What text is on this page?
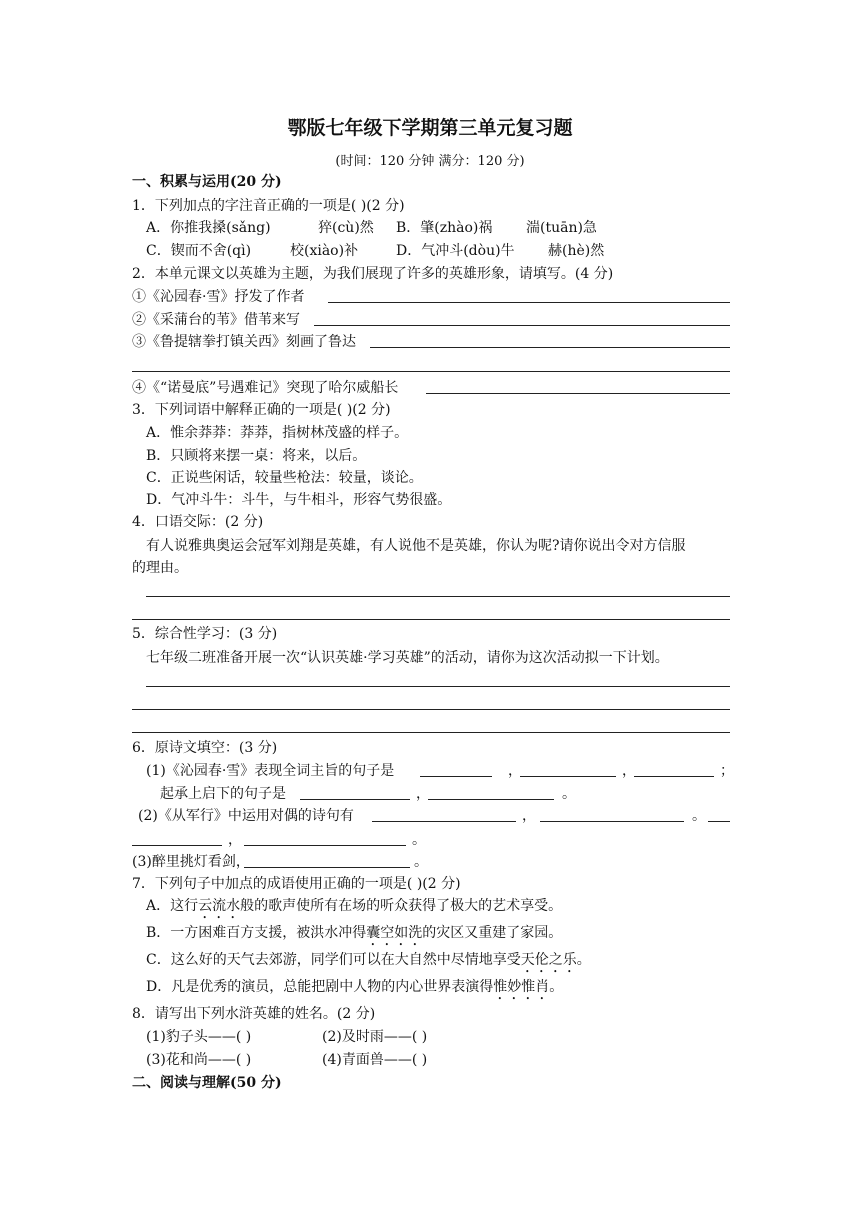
鄂版七年级下学期第三单元复习题
(时间：120 分钟 满分：120 分)
一、积累与运用(20 分)
1．下列加点的字注音正确的一项是( )(2 分)
A．你推我搡(sǎng)	猝(cù)然 B．肇(zhào)祸 湍(tuān)急
C．锲而不舍(qì)	校(xiào)补	D．气冲斗(dòu)牛 赫(hè)然
2．本单元课文以英雄为主题，为我们展现了许多的英雄形象，请填写。(4 分)
①《沁园春·雪》抒发了作者
②《采蒲台的苇》借苇来写
③《鲁提辖拳打镇关西》刻画了鲁达
④《“诺曼底”号遇难记》突现了哈尔威船长
3．下列词语中解释正确的一项是( )(2 分)
A．惟余莽莽：莽莽，指树林茂盛的样子。
B．只顾将来摆一桌：将来，以后。
C．正说些闲话，较量些枪法：较量，谈论。
D．气冲斗牛：斗牛，与牛相斗，形容气势很盛。
4．口语交际：(2 分)
有人说雅典奥运会冠军刘翔是英雄，有人说他不是英雄，你认为呢?请你说出令对方信服
的理由。
5．综合性学习：(3 分)
七年级二班准备开展一次“认识英雄·学习英雄”的活动，请你为这次活动拟一下计划。
6．原诗文填空：(3 分)
(1)《沁园春·雪》表现全词主旨的句子是	，	，	；
起承上启下的句子是	，	。
(2)《从军行》中运用对偶的诗句有	，	。
，	。
(3)醉里挑灯看剑，	。
7．下列句子中加点的成语使用正确的一项是( )(2 分)
A．这行云流水般的歌声使所有在场的听众获得了极大的艺术享受。
B．一方困难百方支援，被洪水冲得囊空如洗的灾区又重建了家园。
C．这么好的天气去郊游，同学们可以在大自然中尽情地享受天伦之乐。
D．凡是优秀的演员，总能把剧中人物的内心世界表演得惟妙惟肖。
8．请写出下列水浒英雄的姓名。(2 分)
(1)豹子头——( )	(2)及时雨——( )
(3)花和尚——( )	(4)青面兽——( )
二、阅读与理解(50 分)
